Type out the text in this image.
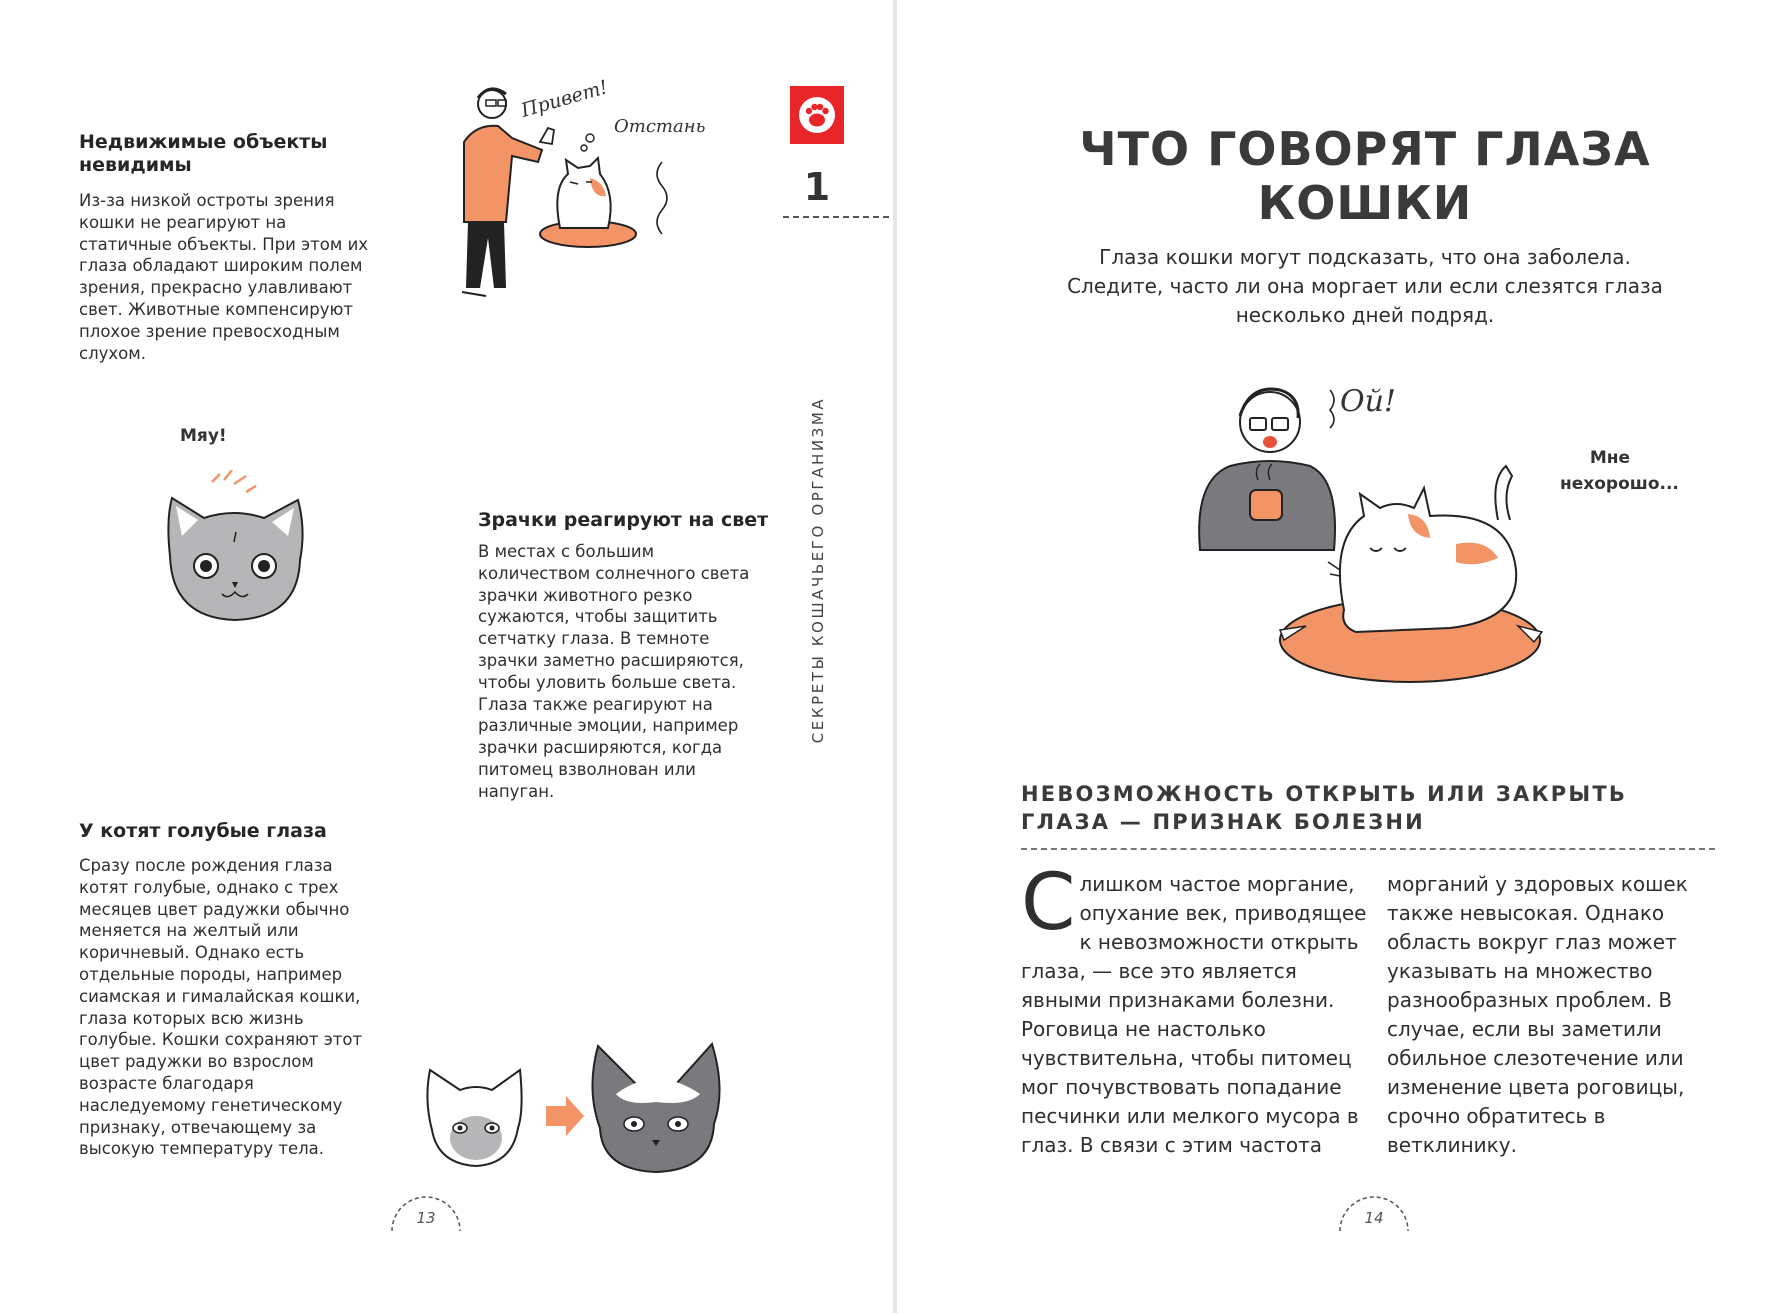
Недвижимые объекты невидимы

Из-за низкой остроты зрения кошки не реагируют на статичные объекты. При этом их глаза обладают широким полем зрения, прекрасно улавливают свет. Животные компенсируют плохое зрение превосходным слухом.

Привет!
Отстань
Мяу!
Зрачки реагируют на свет

В местах с большим количеством солнечного света зрачки животного резко сужаются, чтобы защитить сетчатку глаза. В темноте зрачки заметно расширяются, чтобы уловить больше света. Глаза также реагируют на различные эмоции, например зрачки расширяются, когда питомец взволнован или напуган.

У котят голубые глаза

Сразу после рождения глаза котят голубые, однако с трех месяцев цвет радужки обычно меняется на желтый или коричневый. Однако есть отдельные породы, например сиамская и гималайская кошки, глаза которых всю жизнь голубые. Кошки сохраняют этот цвет радужки во взрослом возрасте благодаря наследуемому генетическому признаку, отвечающему за высокую температуру тела.

13
1
СЕКРЕТЫ КОШАЧЬЕГО ОРГАНИЗМА
ЧТО ГОВОРЯТ ГЛАЗА КОШКИ
Глаза кошки могут подсказать, что она заболела. Следите, часто ли она моргает или если слезятся глаза несколько дней подряд.
Ой!
Мне нехорошо...
НЕВОЗМОЖНОСТЬ ОТКРЫТЬ ИЛИ ЗАКРЫТЬ ГЛАЗА — ПРИЗНАК БОЛЕЗНИ
Слишком частое моргание, опухание век, приводящее к невозможности открыть глаза, — все это является явными признаками болезни. Роговица не настолько чувствительна, чтобы питомец мог почувствовать попадание песчинки или мелкого мусора в глаз. В связи с этим частота
морганий у здоровых кошек также невысокая. Однако область вокруг глаз может указывать на множество разнообразных проблем. В случае, если вы заметили обильное слезотечение или изменение цвета роговицы, срочно обратитесь в ветклинику.
14
